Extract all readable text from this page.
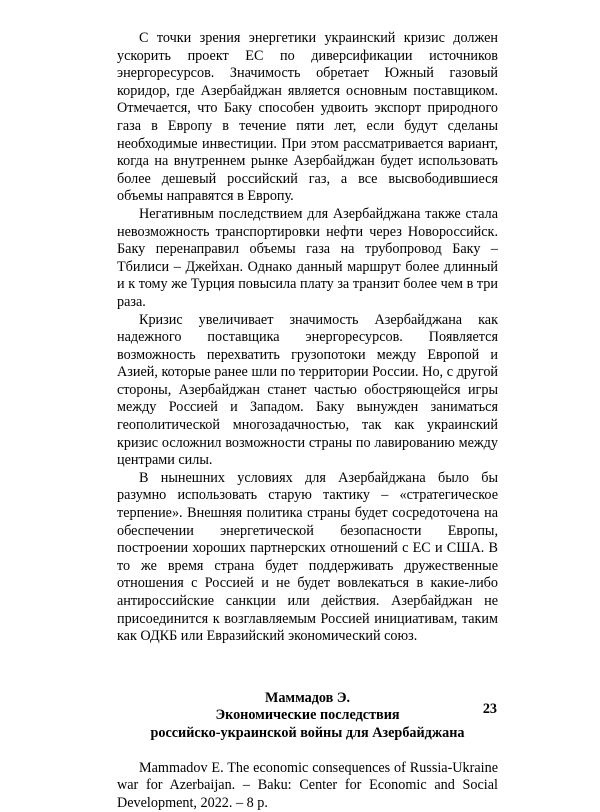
С точки зрения энергетики украинский кризис должен ускорить проект ЕС по диверсификации источников энергоресурсов. Значимость обретает Южный газовый коридор, где Азербайджан является основным поставщиком. Отмечается, что Баку способен удвоить экспорт природного газа в Европу в течение пяти лет, если будут сделаны необходимые инвестиции. При этом рассматривается вариант, когда на внутреннем рынке Азербайджан будет использовать более дешевый российский газ, а все высвободившиеся объемы направятся в Европу.

Негативным последствием для Азербайджана также стала невозможность транспортировки нефти через Новороссийск. Баку перенаправил объемы газа на трубопровод Баку – Тбилиси – Джейхан. Однако данный маршрут более длинный и к тому же Турция повысила плату за транзит более чем в три раза.

Кризис увеличивает значимость Азербайджана как надежного поставщика энергоресурсов. Появляется возможность перехватить грузопотоки между Европой и Азией, которые ранее шли по территории России. Но, с другой стороны, Азербайджан станет частью обостряющейся игры между Россией и Западом. Баку вынужден заниматься геополитической многозадачностью, так как украинский кризис осложнил возможности страны по лавированию между центрами силы.

В нынешних условиях для Азербайджана было бы разумно использовать старую тактику – «стратегическое терпение». Внешняя политика страны будет сосредоточена на обеспечении энергетической безопасности Европы, построении хороших партнерских отношений с ЕС и США. В то же время страна будет поддерживать дружественные отношения с Россией и не будет вовлекаться в какие-либо антироссийские санкции или действия. Азербайджан не присоединится к возглавляемым Россией инициативам, таким как ОДКБ или Евразийский экономический союз.

Маммадов Э.
Экономические последствия
российско-украинской войны для Азербайджана
Mammadov E. The economic consequences of Russia-Ukraine war for Azerbaijan. – Baku: Center for Economic and Social Development, 2022. – 8 p.
23
